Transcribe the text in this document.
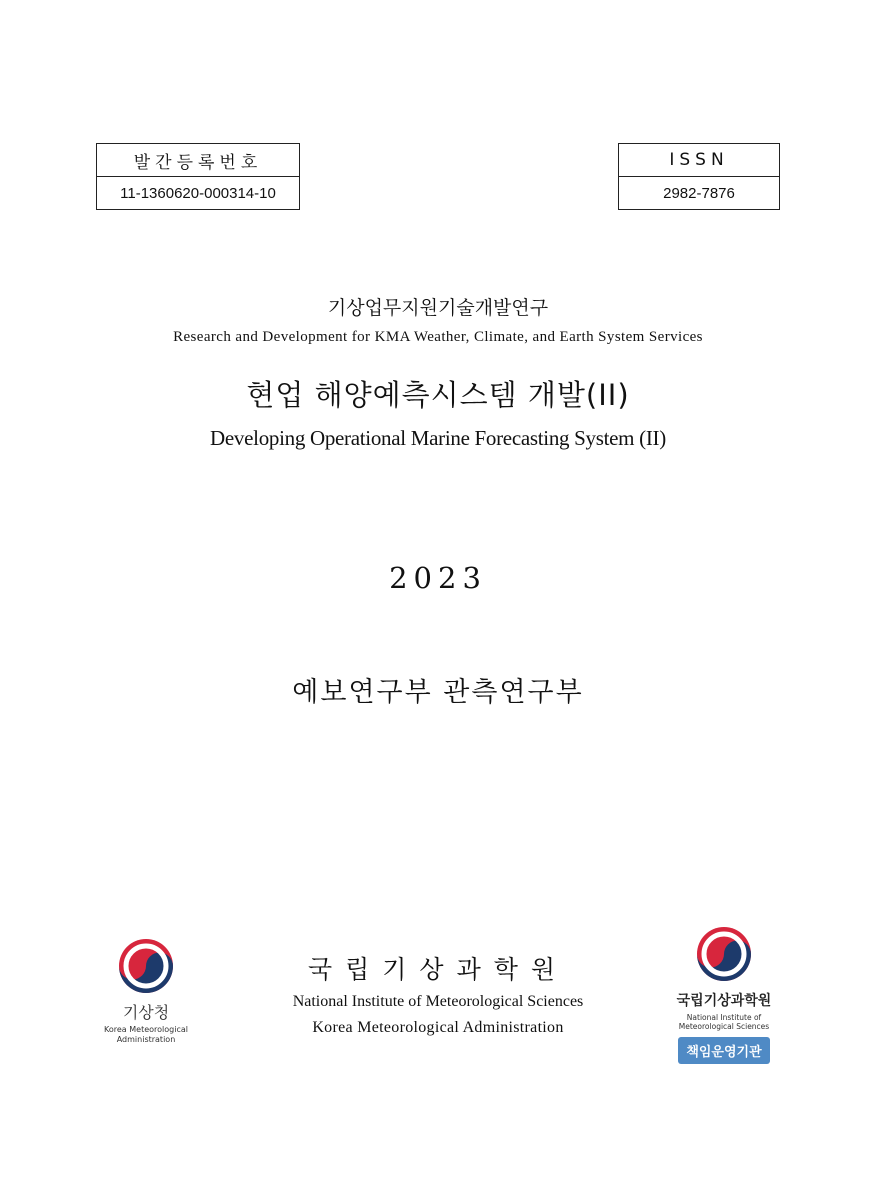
발간등록번호
11-1360620-000314-10
ISSN
2982-7876
기상업무지원기술개발연구
Research and Development for KMA Weather, Climate, and Earth System Services
현업 해양예측시스템 개발(II)
Developing Operational Marine Forecasting System (II)
2023
예보연구부 관측연구부
국립기상과학원
National Institute of Meteorological Sciences
Korea Meteorological Administration
기상청
Korea Meteorological
Administration
국립기상과학원
National Institute of
Meteorological Sciences
책임운영기관
